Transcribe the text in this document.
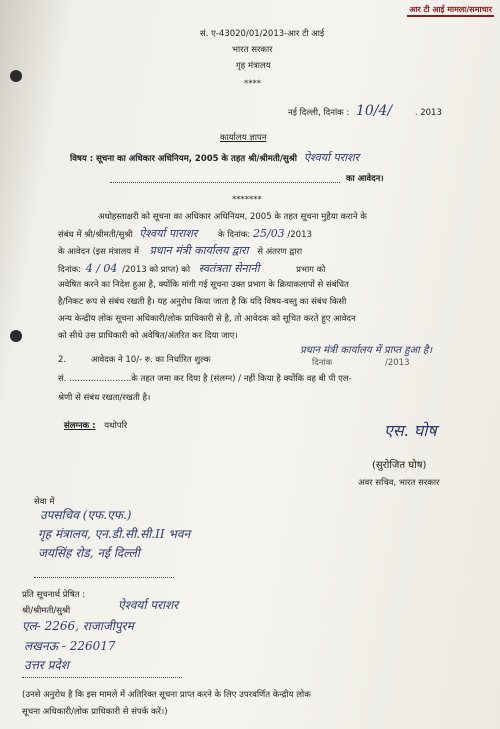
आर टी आई मामला/समाचार
सं. ए-43020/01/2013-आर टी आई
भारत सरकार
गृह मंत्रालय
****
नई दिल्ली, दिनांक : 10/4/	. 2013
कार्यालय ज्ञापन
विषय : सूचना का अधिकार अधिनियम, 2005 के तहत श्री/श्रीमती/सुश्री ऐश्वर्या पराशर
का आवेदन।
*******
अधोहस्ताक्षरी को सूचना का अधिकार अधिनियम, 2005 के तहत सूचना मुहैया कराने के
संबंध में श्री/श्रीमती/सुश्री ऐश्वर्या पाराशर के दिनांक: 25/03 /2013
के आवेदन (इस मंत्रालय में प्रधान मंत्री कार्यालय द्वारा से अंतरण द्वारा
दिनांक: 4 / 04 /2013 को प्राप्त) को स्वतंत्रता सेनानी	प्रभाग को
अवेषित करने का निदेश हुआ है, क्योंकि मांगी गई सूचना उक्त प्रभाग के क्रियाकलापों से संबंधित
है/निकट रूप से संबंध रखती है। यह अनुरोध किया जाता है कि यदि विषय-वस्तु का संबंध किसी
अन्य केन्द्रीय लोक सूचना अधिकारी/लोक प्राधिकारी से है, तो आवेदक को सूचित करते हुए आवेदन
को सीधे उस प्राधिकारी को अवेषित/अंतरित कर दिया जाए।
2.	आवेदक ने 10/- रु. का निर्धारित शुल्क
प्रधान मंत्री कार्यालय में प्राप्त हुआ है।
दिनांक	/2013
सं. .......................के तहत जमा कर दिया है (संलग्न) / नहीं किया है क्योंकि वह बी पी एल-
श्रेणी से संबंध रखता/रखती है।
संलग्नक : यथोपरि	एस. घोष
(सुरोजित घोष)
अवर सचिव, भारत सरकार
सेवा में
उपसचिव (एफ.एफ.)
गृह मंत्रालय, एन.डी.सी.सी.II भवन
जयसिंह रोड, नई दिल्ली
प्रति सूचनार्थ प्रेषित :
श्री/श्रीमती/सुश्री	ऐश्वर्या पराशर
एल- 2266, राजाजीपुरम
लखनऊ - 226017
उत्तर प्रदेश
(उनसे अनुरोध है कि इस मामले में अतिरिक्त सूचना प्राप्त करने के लिए उपरवर्णित केन्द्रीय लोक
सूचना अधिकारी/लोक प्राधिकारी से संपर्क करें।)
